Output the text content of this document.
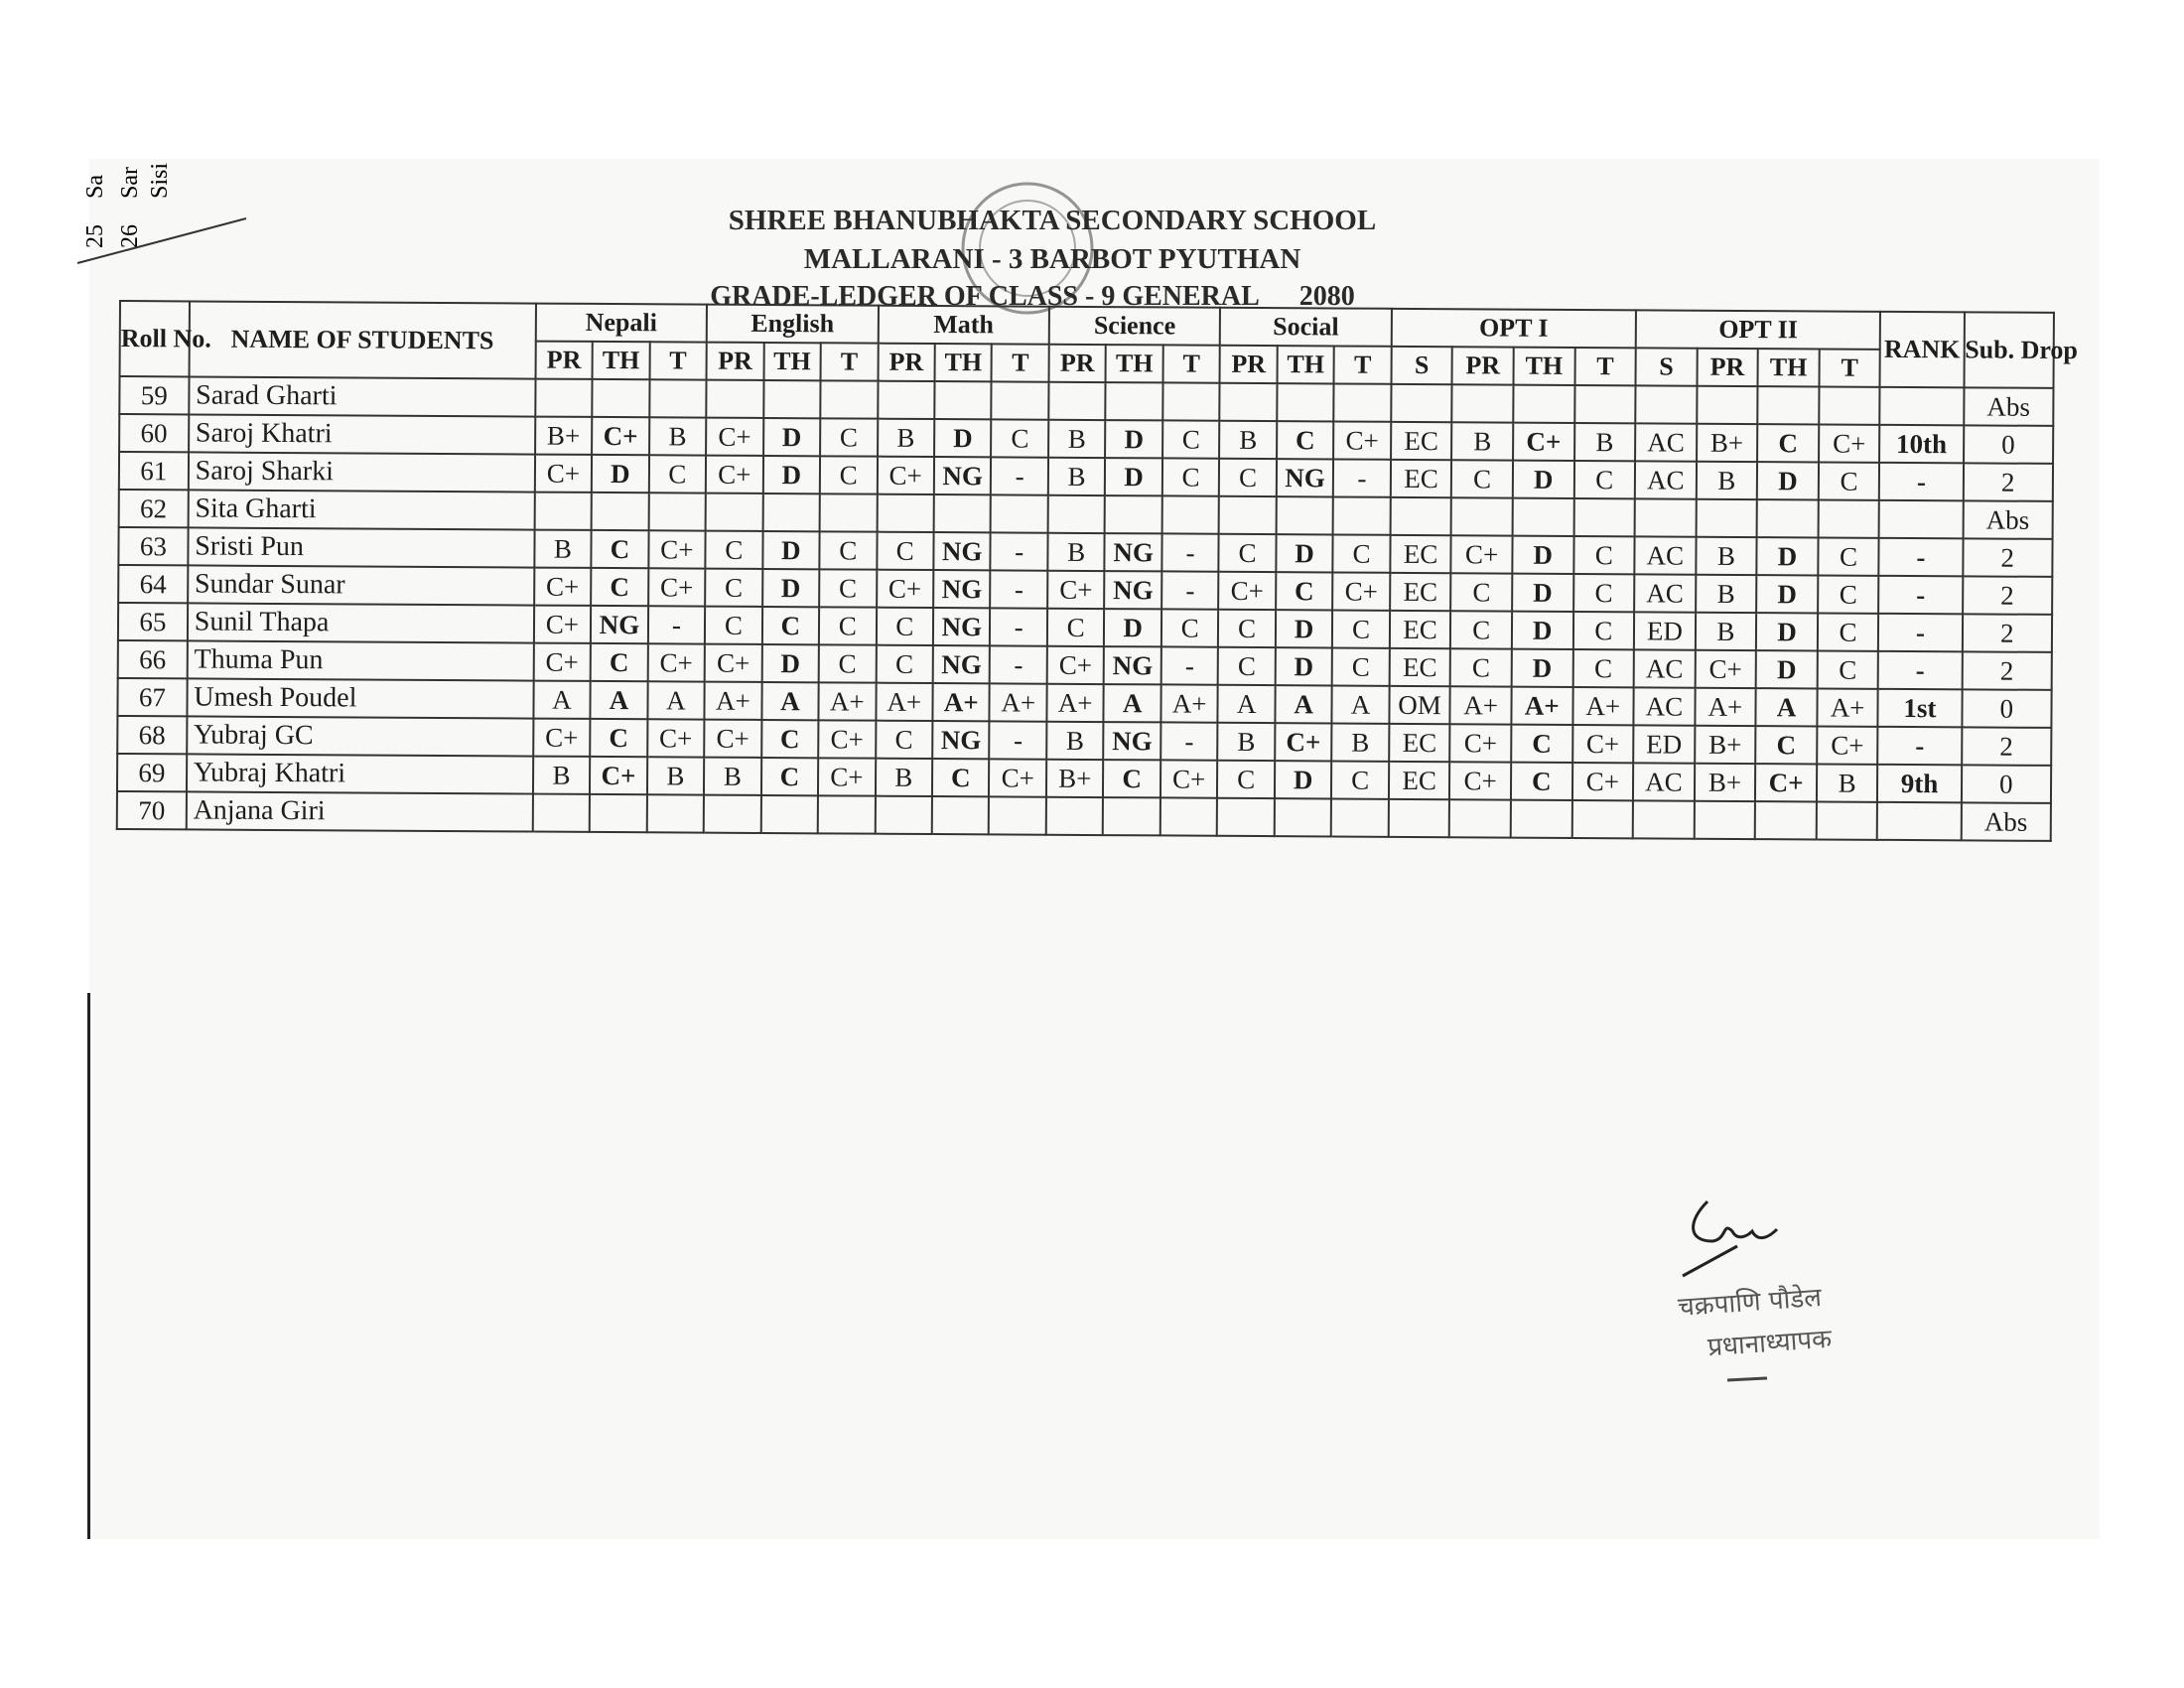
25
Sa
26
Sar Sisi
SHREE BHANUBHAKTA SECONDARY SCHOOL
MALLARANI - 3 BARBOT PYUTHAN
GRADE-LEDGER OF CLASS - 9 GENERAL 2080
Roll No.	NAME OF STUDENTS	Nepali			English			Math			Science			Social			OPT I				OPT II				RANK	Sub. Drop
		PR	TH	T	PR	TH	T	PR	TH	T	PR	TH	T	PR	TH	T	S	PR	TH	T	S	PR	TH	T		
59	Sarad Gharti																									Abs
60	Saroj Khatri	B+	C+	B	C+	D	C	B	D	C	B	D	C	B	C	C+	EC	B	C+	B	AC	B+	C	C+	10th	0
61	Saroj Sharki	C+	D	C	C+	D	C	C+	NG	-	B	D	C	C	NG	-	EC	C	D	C	AC	B	D	C	-	2
62	Sita Gharti																									Abs
63	Sristi Pun	B	C	C+	C	D	C	C	NG	-	B	NG	-	C	D	C	EC	C+	D	C	AC	B	D	C	-	2
64	Sundar Sunar	C+	C	C+	C	D	C	C+	NG	-	C+	NG	-	C+	C	C+	EC	C	D	C	AC	B	D	C	-	2
65	Sunil Thapa	C+	NG	-	C	C	C	C	NG	-	C	D	C	C	D	C	EC	C	D	C	ED	B	D	C	-	2
66	Thuma Pun	C+	C	C+	C+	D	C	C	NG	-	C+	NG	-	C	D	C	EC	C	D	C	AC	C+	D	C	-	2
67	Umesh Poudel	A	A	A	A+	A	A+	A+	A+	A+	A+	A	A+	A	A	A	OM	A+	A+	A+	AC	A+	A	A+	1st	0
68	Yubraj GC	C+	C	C+	C+	C	C+	C	NG	-	B	NG	-	B	C+	B	EC	C+	C	C+	ED	B+	C	C+	-	2
69	Yubraj Khatri	B	C+	B	B	C	C+	B	C	C+	B+	C	C+	C	D	C	EC	C+	C	C+	AC	B+	C+	B	9th	0
70	Anjana Giri																									Abs
चक्रपाणि पौडेल
प्रधानाध्यापक
